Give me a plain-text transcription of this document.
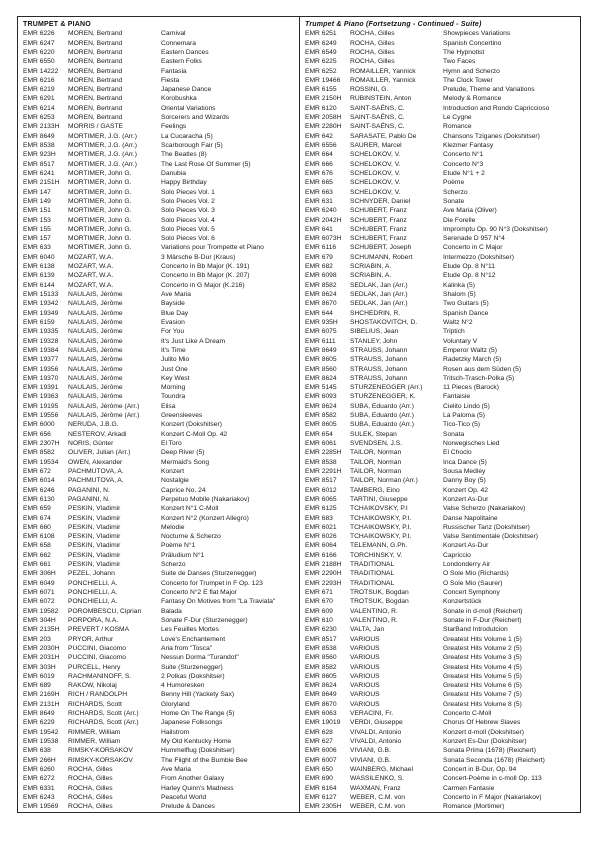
TRUMPET & PIANO
EMR 6226	MOREN, Bertrand	Carnival
EMR 6247	MOREN, Bertrand	Connemara
EMR 6220	MOREN, Bertrand	Eastern Dances
EMR 6550	MOREN, Bertrand	Eastern Folks
EMR 14222	MOREN, Bertrand	Fantasia
EMR 6216	MOREN, Bertrand	Fiesta
EMR 6219	MOREN, Bertrand	Japanese Dance
EMR 6291	MOREN, Bertrand	Korobushka
EMR 6214	MOREN, Bertrand	Oriental Variations
EMR 6253	MOREN, Bertrand	Sorcerers and Wizards
EMR 2133H	MORRIS / GASTE	Feelings
EMR 8649	MORTIMER, J.G. (Arr.)	La Cucaracha (5)
EMR 8538	MORTIMER, J.G. (Arr.)	Scarborough Fair (5)
EMR 923H	MORTIMER, J.G. (Arr.)	The Beatles (8)
EMR 8517	MORTIMER, J.G. (Arr.)	The Last Rose Of Summer (5)
EMR 6241	MORTIMER, John G.	Danubia
EMR 2151H	MORTIMER, John G.	Happy Birthday
EMR 147	MORTIMER, John G.	Solo Pieces Vol. 1
EMR 149	MORTIMER, John G.	Solo Pieces Vol. 2
EMR 151	MORTIMER, John G.	Solo Pieces Vol. 3
EMR 153	MORTIMER, John G.	Solo Pieces Vol. 4
EMR 155	MORTIMER, John G.	Solo Pieces Vol. 5
EMR 157	MORTIMER, John G.	Solo Pieces Vol. 6
EMR 633	MORTIMER, John G.	Variations pour Trompette et Piano
EMR 6040	MOZART, W.A.	3 Märsche B-Dur (Kraus)
EMR 6138	MOZART, W.A.	Concerto in Bb Major (K. 191)
EMR 6139	MOZART, W.A.	Concerto in Bb Major (K. 207)
EMR 6144	MOZART, W.A.	Concerto in G Major (K.216)
EMR 15133	NAULAIS, Jérôme	Ave Maria
EMR 19342	NAULAIS, Jérôme	Bayside
EMR 19349	NAULAIS, Jérôme	Blue Day
EMR 6159	NAULAIS, Jérôme	Evasion
EMR 19335	NAULAIS, Jérôme	For You
EMR 19328	NAULAIS, Jérôme	It's Just Like A Dream
EMR 19384	NAULAIS, Jérôme	It's Time
EMR 19377	NAULAIS, Jérôme	Julito Mio
EMR 19356	NAULAIS, Jérôme	Just One
EMR 19370	NAULAIS, Jérôme	Key West
EMR 19391	NAULAIS, Jérôme	Morning
EMR 19363	NAULAIS, Jérôme	Toundra
EMR 19195	NAULAIS, Jérôme (Arr.)	Elisa
EMR 19556	NAULAIS, Jérôme (Arr.)	Greensleeves
EMR 6000	NERUDA, J.B.G.	Konzert (Dokshitser)
EMR 656	NESTEROV, Arkadi	Konzert C-Moll Op. 42
EMR 2307H	NORIS, Günter	El Toro
EMR 8582	OLIVER, Julian (Arr.)	Deep River (5)
EMR 19534	OWEN, Alexander	Mermaid's Song
EMR 672	PACHMUTOVA, A.	Konzert
EMR 6014	PACHMUTOVA, A.	Nostalgie
EMR 6246	PAGANINI, N.	Caprice No. 24
EMR 6130	PAGANINI, N.	Perpetuo Mobile (Nakariakov)
EMR 659	PESKIN, Vladimir	Konzert N°1 C-Moll
EMR 674	PESKIN, Vladimir	Konzert N°2 (Konzert Allegro)
EMR 660	PESKIN, Vladimir	Melodie
EMR 6108	PESKIN, Vladimir	Nocturne & Scherzo
EMR 658	PESKIN, Vladimir	Poème N°1
EMR 662	PESKIN, Vladimir	Präludium N°1
EMR 661	PESKIN, Vladimir	Scherzo
EMR 306H	PEZEL, Johann	Suite de Danses (Sturzenegger)
EMR 6049	PONCHIELLI, A.	Concerto for Trumpet in F Op. 123
EMR 6071	PONCHIELLI, A.	Concerto N°2 E flat Major
EMR 6072	PONCHIELLI, A.	Fantasy On Motives from "La Traviata"
EMR 19582	POROMBESCU, Ciprian	Balada
EMR 304H	PORPORA, N.A.	Sonate F-Dur (Sturzenegger)
EMR 2135H	PREVERT / KOSMA	Les Feuilles Mortes
EMR 203	PRYOR, Arthur	Love's Enchantement
EMR 2030H	PUCCINI, Giacomo	Aria from "Tosca"
EMR 2031H	PUCCINI, Giacomo	Nessun Dorma "Turandot"
EMR 303H	PURCELL, Henry	Suite (Sturzenegger)
EMR 6019	RACHMANINOFF, S.	2 Polkas (Dokshitser)
EMR 689	RAKOW, Nikolaj	4 Humoresken
EMR 2169H	RICH / RANDOLPH	Benny Hill (Yackety Sax)
EMR 2131H	RICHARDS, Scott	Gloryland
EMR 8649	RICHARDS, Scott (Arr.)	Home On The Range (5)
EMR 6229	RICHARDS, Scott (Arr.)	Japanese Folksongs
EMR 19542	RIMMER, William	Hailstrom
EMR 19538	RIMMER, William	My Old Kentucky Home
EMR 638	RIMSKY-KORSAKOV	Hummelflug (Dokshitser)
EMR 266H	RIMSKY-KORSAKOV	The Flight of the Bumble Bee
EMR 6260	ROCHA, Gilles	Ave Maria
EMR 6272	ROCHA, Gilles	From Another Galaxy
EMR 6331	ROCHA, Gilles	Harley Quinn's Madness
EMR 6243	ROCHA, Gilles	Peaceful World
EMR 19569	ROCHA, Gilles	Prelude & Dances
Trumpet & Piano (Fortsetzung - Continued - Suite)
EMR 6251	ROCHA, Gilles	Showpieces Variations
EMR 6249	ROCHA, Gilles	Spanish Concertino
EMR 6549	ROCHA, Gilles	The Hypnotist
EMR 6225	ROCHA, Gilles	Two Faces
EMR 6252	ROMAILLER, Yannick	Hymn and Scherzo
EMR 19466	ROMAILLER, Yannick	The Clock Tower
EMR 6155	ROSSINI, G.	Prelude, Theme and Variations
EMR 2150H	RUBINSTEIN, Anton	Melody & Romance
EMR 6120	SAINT-SAËNS, C.	Introduction and Rondo Capriccioso
EMR 2058H	SAINT-SAËNS, C.	Le Cygne
EMR 2280H	SAINT-SAËNS, C.	Romance
EMR 642	SARASATE, Pablo De	Chansons Tziganes (Dokshitser)
EMR 6556	SAURER, Marcel	Klezmer Fantasy
EMR 664	SCHELOKOV, V.	Concerto N°1
EMR 666	SCHELOKOV, V.	Concerto N°3
EMR 676	SCHELOKOV, V.	Etude N°1 + 2
EMR 665	SCHELOKOV, V.	Poème
EMR 663	SCHELOKOV, V.	Scherzo
EMR 631	SCHNYDER, Daniel	Sonate
EMR 6240	SCHUBERT, Franz	Ave Maria (Oliver)
EMR 2042H	SCHUBERT, Franz	Die Forelle
EMR 641	SCHUBERT, Franz	Impromptu Op. 90 N°3 (Dokshitser)
EMR 6073H	SCHUBERT, Franz	Serenade D 957 N°4
EMR 6116	SCHUBERT, Joseph	Concerto in C Major
EMR 679	SCHUMANN, Robert	Intermezzo (Dokshitser)
EMR 682	SCRIABIN, A.	Etude Op. 8 N°11
EMR 6098	SCRIABIN, A.	Etude Op. 8 N°12
EMR 8582	SEDLAK, Jan (Arr.)	Kalinka (5)
EMR 8624	SEDLAK, Jan (Arr.)	Shalom (5)
EMR 8670	SEDLAK, Jan (Arr.)	Two Guitars (5)
EMR 644	SHCHEDRIN, R.	Spanish Dance
EMR 935H	SHOSTAKOVITCH, D.	Waltz N°2
EMR 6075	SIBELIUS, Jean	Triptich
EMR 6111	STANLEY, John	Voluntary V
EMR 8649	STRAUSS, Johann	Emperor Waltz (5)
EMR 8605	STRAUSS, Johann	Radetzky March (5)
EMR 8560	STRAUSS, Johann	Rosen aus dem Süden (5)
EMR 8624	STRAUSS, Johann	Tritsch-Trasch-Polka (5)
EMR 5145	STURZENEGGER (Arr.)	11 Pieces (Barock)
EMR 6093	STURZENEGGER, K.	Fantaisie
EMR 8624	SUBA, Eduardo (Arr.)	Cielito Lindo (5)
EMR 8582	SUBA, Eduardo (Arr.)	La Paloma (5)
EMR 8605	SUBA, Eduardo (Arr.)	Tico-Tico (5)
EMR 654	SULEK, Stepan	Sonata
EMR 6061	SVENDSEN, J.S.	Norwegisches Lied
EMR 2285H	TAILOR, Norman	El Choclo
EMR 8538	TAILOR, Norman	Inca Dance (5)
EMR 2291H	TAILOR, Norman	Sousa Medley
EMR 8517	TAILOR, Norman (Arr.)	Danny Boy (5)
EMR 6012	TAMBERG, Eino	Konzert Op. 42
EMR 6065	TARTINI, Giuseppe	Konzert As-Dur
EMR 6125	TCHAIKOVSKY, P.I	Valse Scherzo (Nakariakov)
EMR 683	TCHAIKOWSKY, P.I.	Danse Napolitaine
EMR 6021	TCHAIKOWSKY, P.I.	Russischer Tanz (Dokshitser)
EMR 6026	TCHAIKOWSKY, P.I.	Valse Sentimentale (Dokshitser)
EMR 6064	TELEMANN, G.Ph.	Konzert As-Dur
EMR 6166	TORCHINSKY, V.	Capriccio
EMR 2188H	TRADITIONAL	Londonderry Air
EMR 2290H	TRADITIONAL	O Sole Mio (Richards)
EMR 2293H	TRADITIONAL	O Sole Mio (Saurer)
EMR 671	TROTSUK, Bogdan	Concert Symphony
EMR 670	TROTSUK, Bogdan	Konzertstück
EMR 609	VALENTINO, R.	Sonate in d-moll (Reichert)
EMR 610	VALENTINO, R.	Sonate in F-Dur (Reichert)
EMR 6230	VALTA, Jan	StarBand Introdutcion
EMR 8517	VARIOUS	Greatest Hits Volume 1 (5)
EMR 8538	VARIOUS	Greatest Hits Volume 2 (5)
EMR 8560	VARIOUS	Greatest Hits Volume 3 (5)
EMR 8582	VARIOUS	Greatest Hits Volume 4 (5)
EMR 8605	VARIOUS	Greatest Hits Volume 5 (5)
EMR 8624	VARIOUS	Greatest Hits Volume 6 (5)
EMR 8649	VARIOUS	Greatest Hits Volume 7 (5)
EMR 8670	VARIOUS	Greatest Hits Volume 8 (5)
EMR 6063	VERACINI, Fr.	Concerto C-Moll
EMR 19019	VERDI, Giuseppe	Chorus Of Hebrew Slaves
EMR 628	VIVALDI, Antonio	Konzert d-moll (Dokshitser)
EMR 627	VIVALDI, Antonio	Konzert Es-Dur (Dokshitser)
EMR 6006	VIVIANI, G.B.	Sonata Prima (1678) (Reichert)
EMR 6007	VIVIANI, G.B.	Sonata Seconda (1678) (Reichert)
EMR 650	WAINBERG, Michael	Concert in B-Dur, Op. 94
EMR 690	WASSILENKO, S.	Concert-Poème in c-moll Op. 113
EMR 6164	WAXMAN, Franz	Carmen Fantasie
EMR 6127	WEBER, C.M. von	Concerto in F Major (Nakariakov)
EMR 2305H	WEBER, C.M. von	Romance (Mortimer)
